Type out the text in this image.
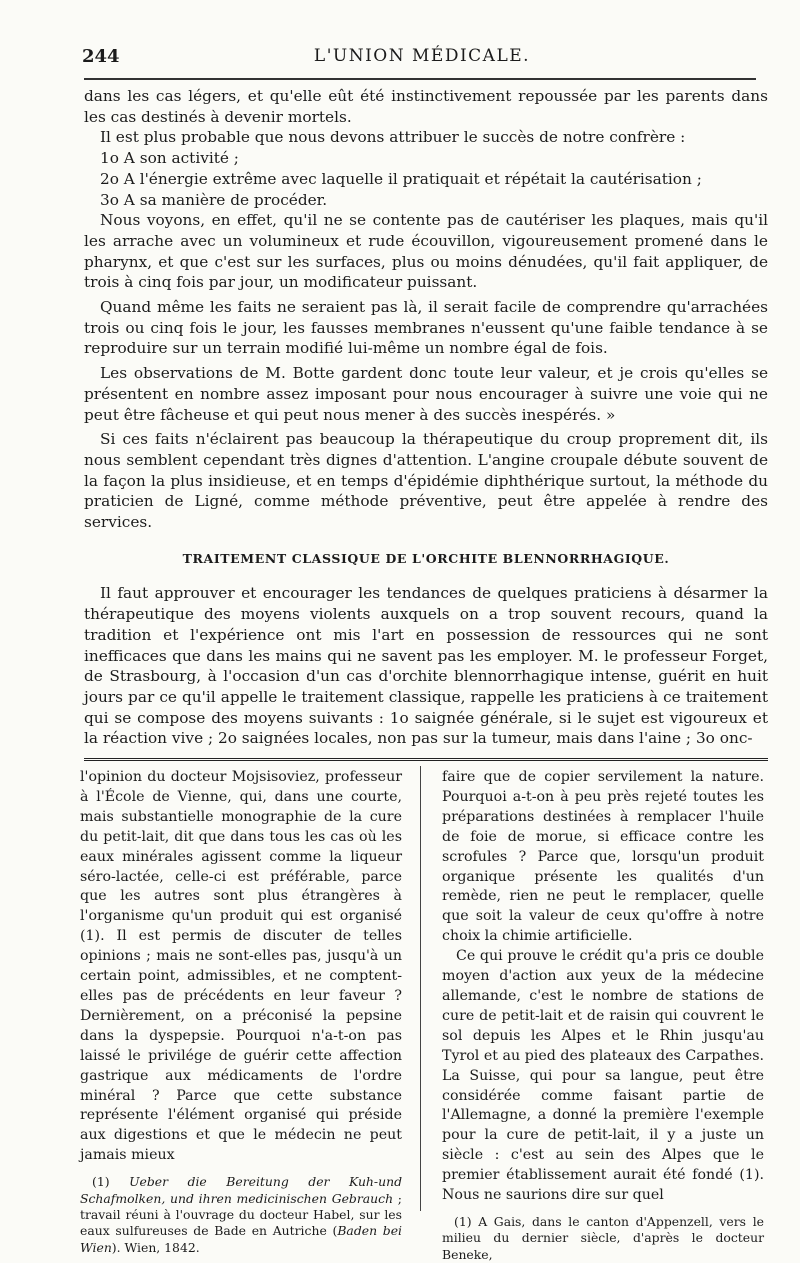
244	L'UNION MÉDICALE.

dans les cas légers, et qu'elle eût été instinctivement repoussée par les parents dans les cas destinés à devenir mortels.

Il est plus probable que nous devons attribuer le succès de notre confrère :

1o A son activité ;

2o A l'énergie extrême avec laquelle il pratiquait et répétait la cautérisation ;

3o A sa manière de procéder.

Nous voyons, en effet, qu'il ne se contente pas de cautériser les plaques, mais qu'il les arrache avec un volumineux et rude écouvillon, vigoureusement promené dans le pharynx, et que c'est sur les surfaces, plus ou moins dénudées, qu'il fait appliquer, de trois à cinq fois par jour, un modificateur puissant.

Quand même les faits ne seraient pas là, il serait facile de comprendre qu'arrachées trois ou cinq fois le jour, les fausses membranes n'eussent qu'une faible tendance à se reproduire sur un terrain modifié lui-même un nombre égal de fois.

Les observations de M. Botte gardent donc toute leur valeur, et je crois qu'elles se présentent en nombre assez imposant pour nous encourager à suivre une voie qui ne peut être fâcheuse et qui peut nous mener à des succès inespérés. »

Si ces faits n'éclairent pas beaucoup la thérapeutique du croup proprement dit, ils nous semblent cependant très dignes d'attention. L'angine croupale débute souvent de la façon la plus insidieuse, et en temps d'épidémie diphthérique surtout, la méthode du praticien de Ligné, comme méthode préventive, peut être appelée à rendre des services.

TRAITEMENT CLASSIQUE DE L'ORCHITE BLENNORRHAGIQUE.

Il faut approuver et encourager les tendances de quelques praticiens à désarmer la thérapeutique des moyens violents auxquels on a trop souvent recours, quand la tradition et l'expérience ont mis l'art en possession de ressources qui ne sont inefficaces que dans les mains qui ne savent pas les employer. M. le professeur Forget, de Strasbourg, à l'occasion d'un cas d'orchite blennorrhagique intense, guérit en huit jours par ce qu'il appelle le traitement classique, rappelle les praticiens à ce traitement qui se compose des moyens suivants : 1o saignée générale, si le sujet est vigoureux et la réaction vive ; 2o saignées locales, non pas sur la tumeur, mais dans l'aine ; 3o onc-

l'opinion du docteur Mojsisoviez, professeur à l'École de Vienne, qui, dans une courte, mais substantielle monographie de la cure du petit-lait, dit que dans tous les cas où les eaux minérales agissent comme la liqueur séro-lactée, celle-ci est préférable, parce que les autres sont plus étrangères à l'organisme qu'un produit qui est organisé (1). Il est permis de discuter de telles opinions ; mais ne sont-elles pas, jusqu'à un certain point, admissibles, et ne comptent-elles pas de précédents en leur faveur ? Dernièrement, on a préconisé la pepsine dans la dyspepsie. Pourquoi n'a-t-on pas laissé le privilége de guérir cette affection gastrique aux médicaments de l'ordre minéral ? Parce que cette substance représente l'élément organisé qui préside aux digestions et que le médecin ne peut jamais mieux

(1) Ueber die Bereitung der Kuh-und Schafmolken, und ihren medicinischen Gebrauch ; travail réuni à l'ouvrage du docteur Habel, sur les eaux sulfureuses de Bade en Autriche (Baden bei Wien). Wien, 1842.

faire que de copier servilement la nature. Pourquoi a-t-on à peu près rejeté toutes les préparations destinées à remplacer l'huile de foie de morue, si efficace contre les scrofules ? Parce que, lorsqu'un produit organique présente les qualités d'un remède, rien ne peut le remplacer, quelle que soit la valeur de ceux qu'offre à notre choix la chimie artificielle.

Ce qui prouve le crédit qu'a pris ce double moyen d'action aux yeux de la médecine allemande, c'est le nombre de stations de cure de petit-lait et de raisin qui couvrent le sol depuis les Alpes et le Rhin jusqu'au Tyrol et au pied des plateaux des Carpathes. La Suisse, qui pour sa langue, peut être considérée comme faisant partie de l'Allemagne, a donné la première l'exemple pour la cure de petit-lait, il y a juste un siècle : c'est au sein des Alpes que le premier établissement aurait été fondé (1). Nous ne saurions dire sur quel

(1) A Gais, dans le canton d'Appenzell, vers le milieu du dernier siècle, d'après le docteur Beneke,
